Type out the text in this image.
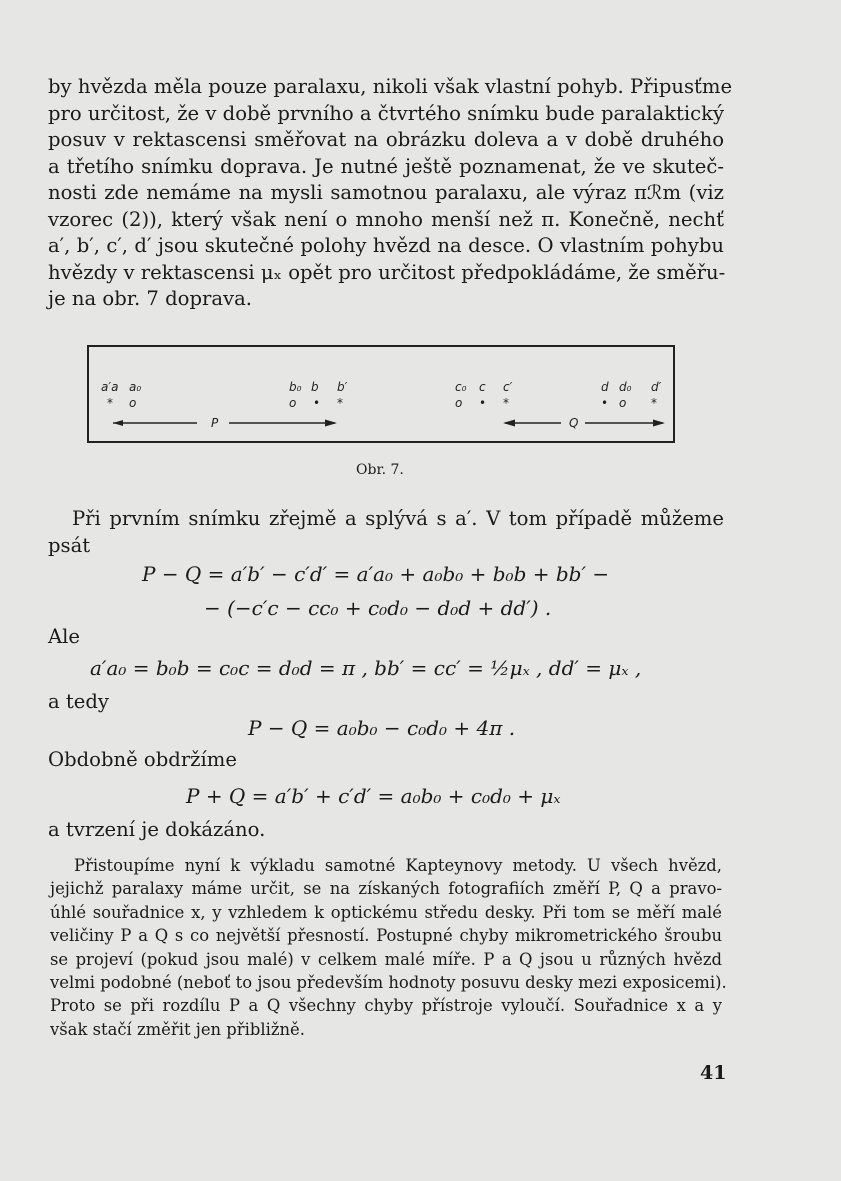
by hvězda měla pouze paralaxu, nikoli však vlastní pohyb. Připusťme
pro určitost, že v době prvního a čtvrtého snímku bude paralaktický
posuv v rektascensi směřovat na obrázku doleva a v době druhého
a třetího snímku doprava. Je nutné ještě poznamenat, že ve skuteč-
nosti zde nemáme na mysli samotnou paralaxu, ale výraz πℛm (viz
vzorec (2)), který však není o mnoho menší než π. Konečně, nechť
a′, b′, c′, d′ jsou skutečné polohy hvězd na desce. O vlastním pohybu
hvězdy v rektascensi μₓ opět pro určitost předpokládáme, že směřu-
je na obr. 7 doprava.
a′a a₀
* o
b₀ b b′
o • *
c₀ c c′
o • *
d d₀ d′
• o *
P	Q
Obr. 7.
Při prvním snímku zřejmě a splývá s a′. V tom případě můžeme
psát
P − Q = a′b′ − c′d′ = a′a₀ + a₀b₀ + b₀b + bb′ −
− (−c′c − cc₀ + c₀d₀ − d₀d + dd′) .
Ale
a′a₀ = b₀b = c₀c = d₀d = π , bb′ = cc′ = ½μₓ , dd′ = μₓ ,
a tedy
P − Q = a₀b₀ − c₀d₀ + 4π .
Obdobně obdržíme
P + Q = a′b′ + c′d′ = a₀b₀ + c₀d₀ + μₓ
a tvrzení je dokázáno.
Přistoupíme nyní k výkladu samotné Kapteynovy metody. U všech hvězd,
jejichž paralaxy máme určit, se na získaných fotografiích změří P, Q a pravo-
úhlé souřadnice x, y vzhledem k optickému středu desky. Při tom se měří malé
veličiny P a Q s co největší přesností. Postupné chyby mikrometrického šroubu
se projeví (pokud jsou malé) v celkem malé míře. P a Q jsou u různých hvězd
velmi podobné (neboť to jsou především hodnoty posuvu desky mezi exposicemi).
Proto se při rozdílu P a Q všechny chyby přístroje vyloučí. Souřadnice x a y
však stačí změřit jen přibližně.
41
